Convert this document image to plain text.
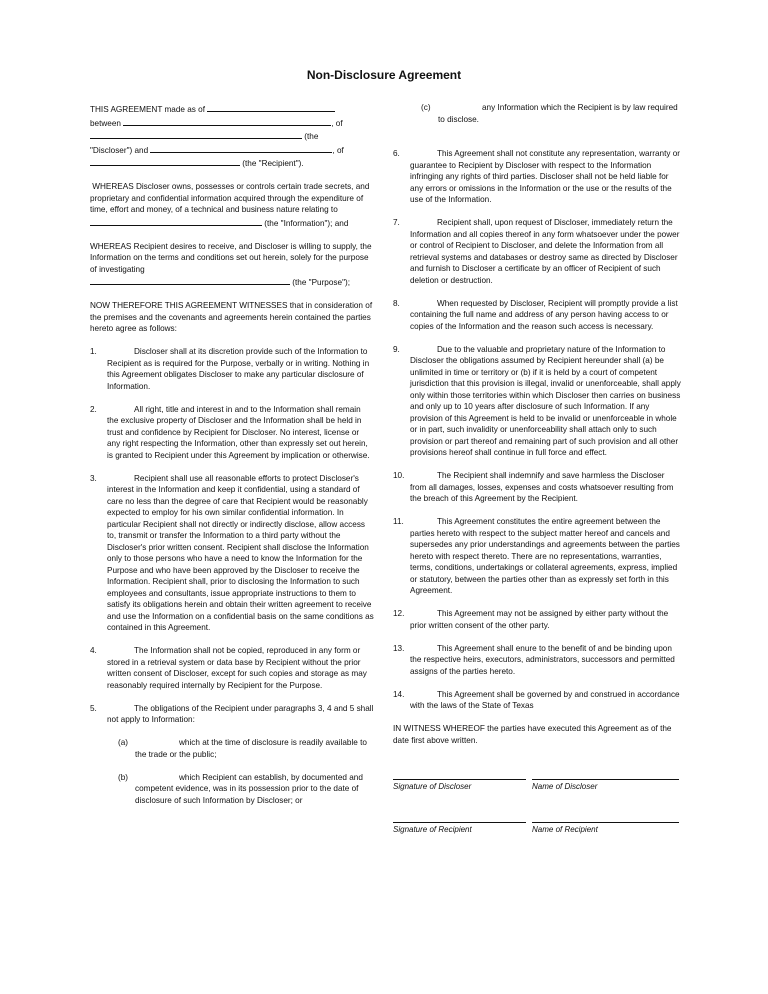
Non-Disclosure Agreement

THIS AGREEMENT made as of

between	, of

(the

"Discloser") and	, of

(the "Recipient").

WHEREAS Discloser owns, possesses or controls certain trade secrets, and proprietary and confidential information acquired through the expenditure of time, effort and money, of a technical and business nature relating to

(the "Information"); and

WHEREAS Recipient desires to receive, and Discloser is willing to supply, the Information on the terms and conditions set out herein, solely for the purpose of investigating

(the "Purpose");

NOW THEREFORE THIS AGREEMENT WITNESSES that in consideration of the premises and the covenants and agreements herein contained the parties hereto agree as follows:

1.	Discloser shall at its discretion provide such of the Information to Recipient as is required for the Purpose, verbally or in writing. Nothing in this Agreement obligates Discloser to make any particular disclosure of Information.
2.	All right, title and interest in and to the Information shall remain the exclusive property of Discloser and the Information shall be held in trust and confidence by Recipient for Discloser. No interest, license or any right respecting the Information, other than expressly set out herein, is granted to Recipient under this Agreement by implication or otherwise.
3.	Recipient shall use all reasonable efforts to protect Discloser's interest in the Information and keep it confidential, using a standard of care no less than the degree of care that Recipient would be reasonably expected to employ for his own similar confidential information. In particular Recipient shall not directly or indirectly disclose, allow access to, transmit or transfer the Information to a third party without the Discloser's prior written consent. Recipient shall disclose the Information only to those persons who have a need to know the Information for the Purpose and who have been approved by the Discloser to receive the Information. Recipient shall, prior to disclosing the Information to such employees and consultants, issue appropriate instructions to them to satisfy its obligations herein and obtain their written agreement to receive and use the Information on a confidential basis on the same conditions as contained in this Agreement.
4.	The Information shall not be copied, reproduced in any form or stored in a retrieval system or data base by Recipient without the prior written consent of Discloser, except for such copies and storage as may reasonably required internally by Recipient for the Purpose.
5.	The obligations of the Recipient under paragraphs 3, 4 and 5 shall not apply to Information:
(a)	which at the time of disclosure is readily available to the trade or the public;
(b)	which Recipient can establish, by documented and competent evidence, was in its possession prior to the date of disclosure of such Information by Discloser; or
(c)	any Information which the Recipient is by law required to disclose.
6.	This Agreement shall not constitute any representation, warranty or guarantee to Recipient by Discloser with respect to the Information infringing any rights of third parties. Discloser shall not be held liable for any errors or omissions in the Information or the use or the results of the use of the Information.
7.	Recipient shall, upon request of Discloser, immediately return the Information and all copies thereof in any form whatsoever under the power or control of Recipient to Discloser, and delete the Information from all retrieval systems and databases or destroy same as directed by Discloser and furnish to Discloser a certificate by an officer of Recipient of such deletion or destruction.
8.	When requested by Discloser, Recipient will promptly provide a list containing the full name and address of any person having access to or copies of the Information and the reason such access is necessary.
9.	Due to the valuable and proprietary nature of the Information to Discloser the obligations assumed by Recipient hereunder shall (a) be unlimited in time or territory or (b) if it is held by a court of competent jurisdiction that this provision is illegal, invalid or unenforceable, shall apply only within those territories within which Discloser then carries on business and only up to 10 years after disclosure of such Information. If any provision of this Agreement is held to be invalid or unenforceable in whole or in part, such invalidity or unenforceability shall attach only to such provision or part thereof and remaining part of such provision and all other provisions hereof shall continue in full force and effect.
10.	The Recipient shall indemnify and save harmless the Discloser from all damages, losses, expenses and costs whatsoever resulting from the breach of this Agreement by the Recipient.
11.	This Agreement constitutes the entire agreement between the parties hereto with respect to the subject matter hereof and cancels and supersedes any prior understandings and agreements between the parties hereto with respect thereto. There are no representations, warranties, terms, conditions, undertakings or collateral agreements, express, implied or statutory, between the parties other than as expressly set forth in this Agreement.
12.	This Agreement may not be assigned by either party without the prior written consent of the other party.
13.	This Agreement shall enure to the benefit of and be binding upon the respective heirs, executors, administrators, successors and permitted assigns of the parties hereto.
14.	This Agreement shall be governed by and construed in accordance with the laws of the State of Texas

IN WITNESS WHEREOF the parties have executed this Agreement as of the date first above written.

Signature of Discloser	Name of Discloser
Signature of Recipient	Name of Recipient
